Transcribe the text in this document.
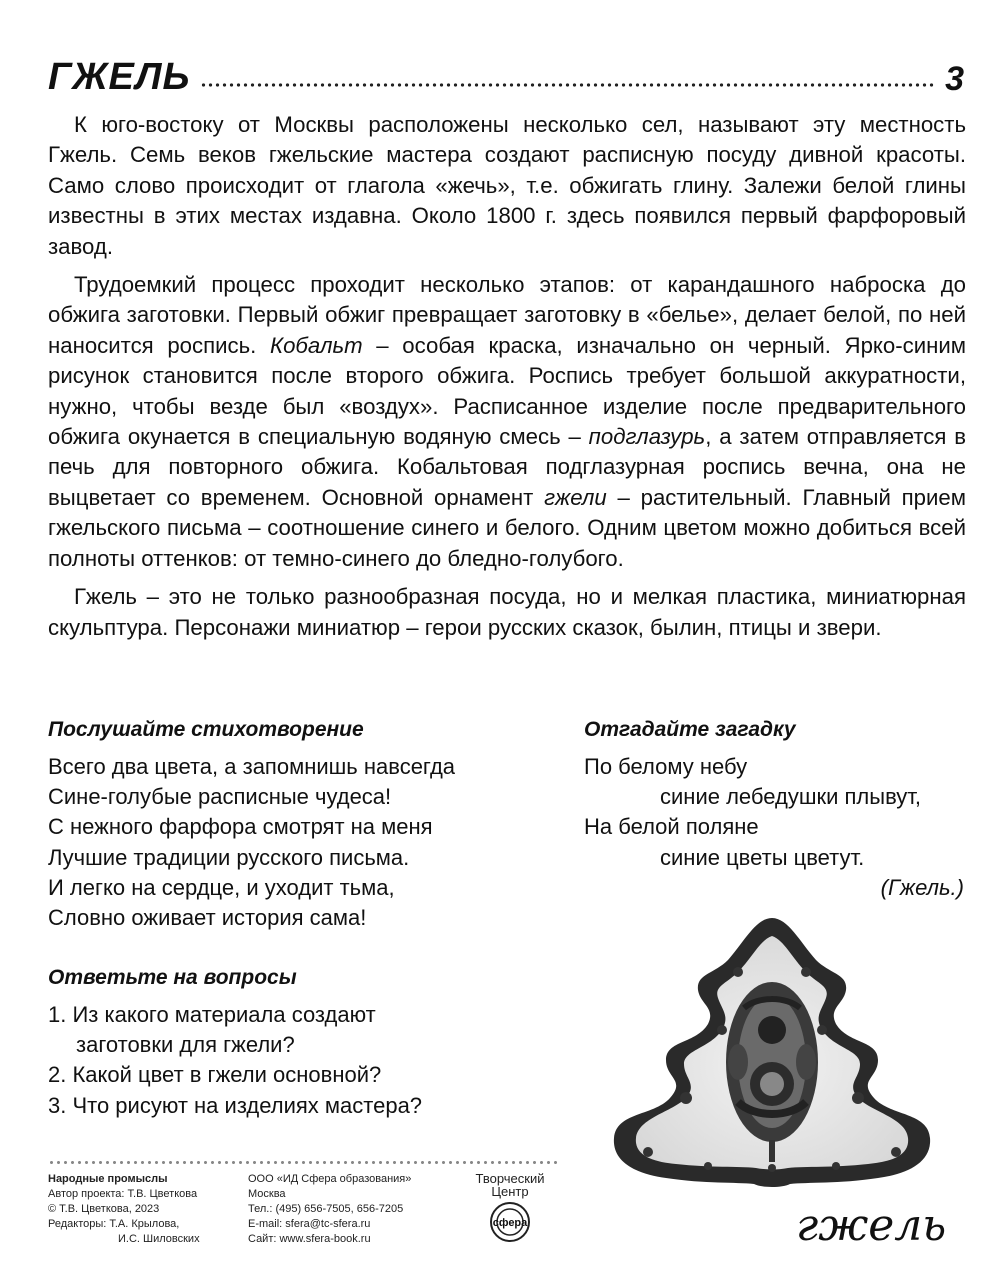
ГЖЕЛЬ	3

К юго-востоку от Москвы расположены несколько сел, называют эту местность Гжель. Семь веков гжельские мастера создают расписную посуду дивной красоты. Само слово происходит от глагола «жечь», т.е. обжигать глину. Залежи белой глины известны в этих местах издавна. Около 1800 г. здесь появился первый фарфоровый завод.

Трудоемкий процесс проходит несколько этапов: от карандашного наброска до обжига заготовки. Первый обжиг превращает заготовку в «белье», делает белой, по ней наносится роспись. Кобальт – особая краска, изначально он черный. Ярко-синим рисунок становится после второго обжига. Роспись требует большой аккуратности, нужно, чтобы везде был «воздух». Расписанное изделие после предварительного обжига окунается в специальную водяную смесь – подглазурь, а затем отправляется в печь для повторного обжига. Кобальтовая подглазурная роспись вечна, она не выцветает со временем. Основной орнамент гжели – растительный. Главный прием гжельского письма – соотношение синего и белого. Одним цветом можно добиться всей полноты оттенков: от темно-синего до бледно-голубого.

Гжель – это не только разнообразная посуда, но и мелкая пластика, миниатюрная скульптура. Персонажи миниатюр – герои русских сказок, былин, птицы и звери.

Послушайте стихотворение
Всего два цвета, а запомнишь навсегда
Сине-голубые расписные чудеса!
С нежного фарфора смотрят на меня
Лучшие традиции русского письма.
И легко на сердце, и уходит тьма,
Словно оживает история сама!
Отгадайте загадку
По белому небу
синие лебедушки плывут,
На белой поляне
синие цветы цветут.
(Гжель.)
Ответьте на вопросы
1. Из какого материала создают
заготовки для гжели?
2. Какой цвет в гжели основной?
3. Что рисуют на изделиях мастера?
Народные промыслы
Автор проекта: Т.В. Цветкова
© Т.В. Цветкова, 2023
Редакторы: Т.А. Крылова,
И.С. Шиловских
ООО «ИД Сфера образования»
Москва
Тел.: (495) 656-7505, 656-7205
E-mail: sfera@tc-sfera.ru
Сайт: www.sfera-book.ru
Творческий
Центр
сфера	гжель
